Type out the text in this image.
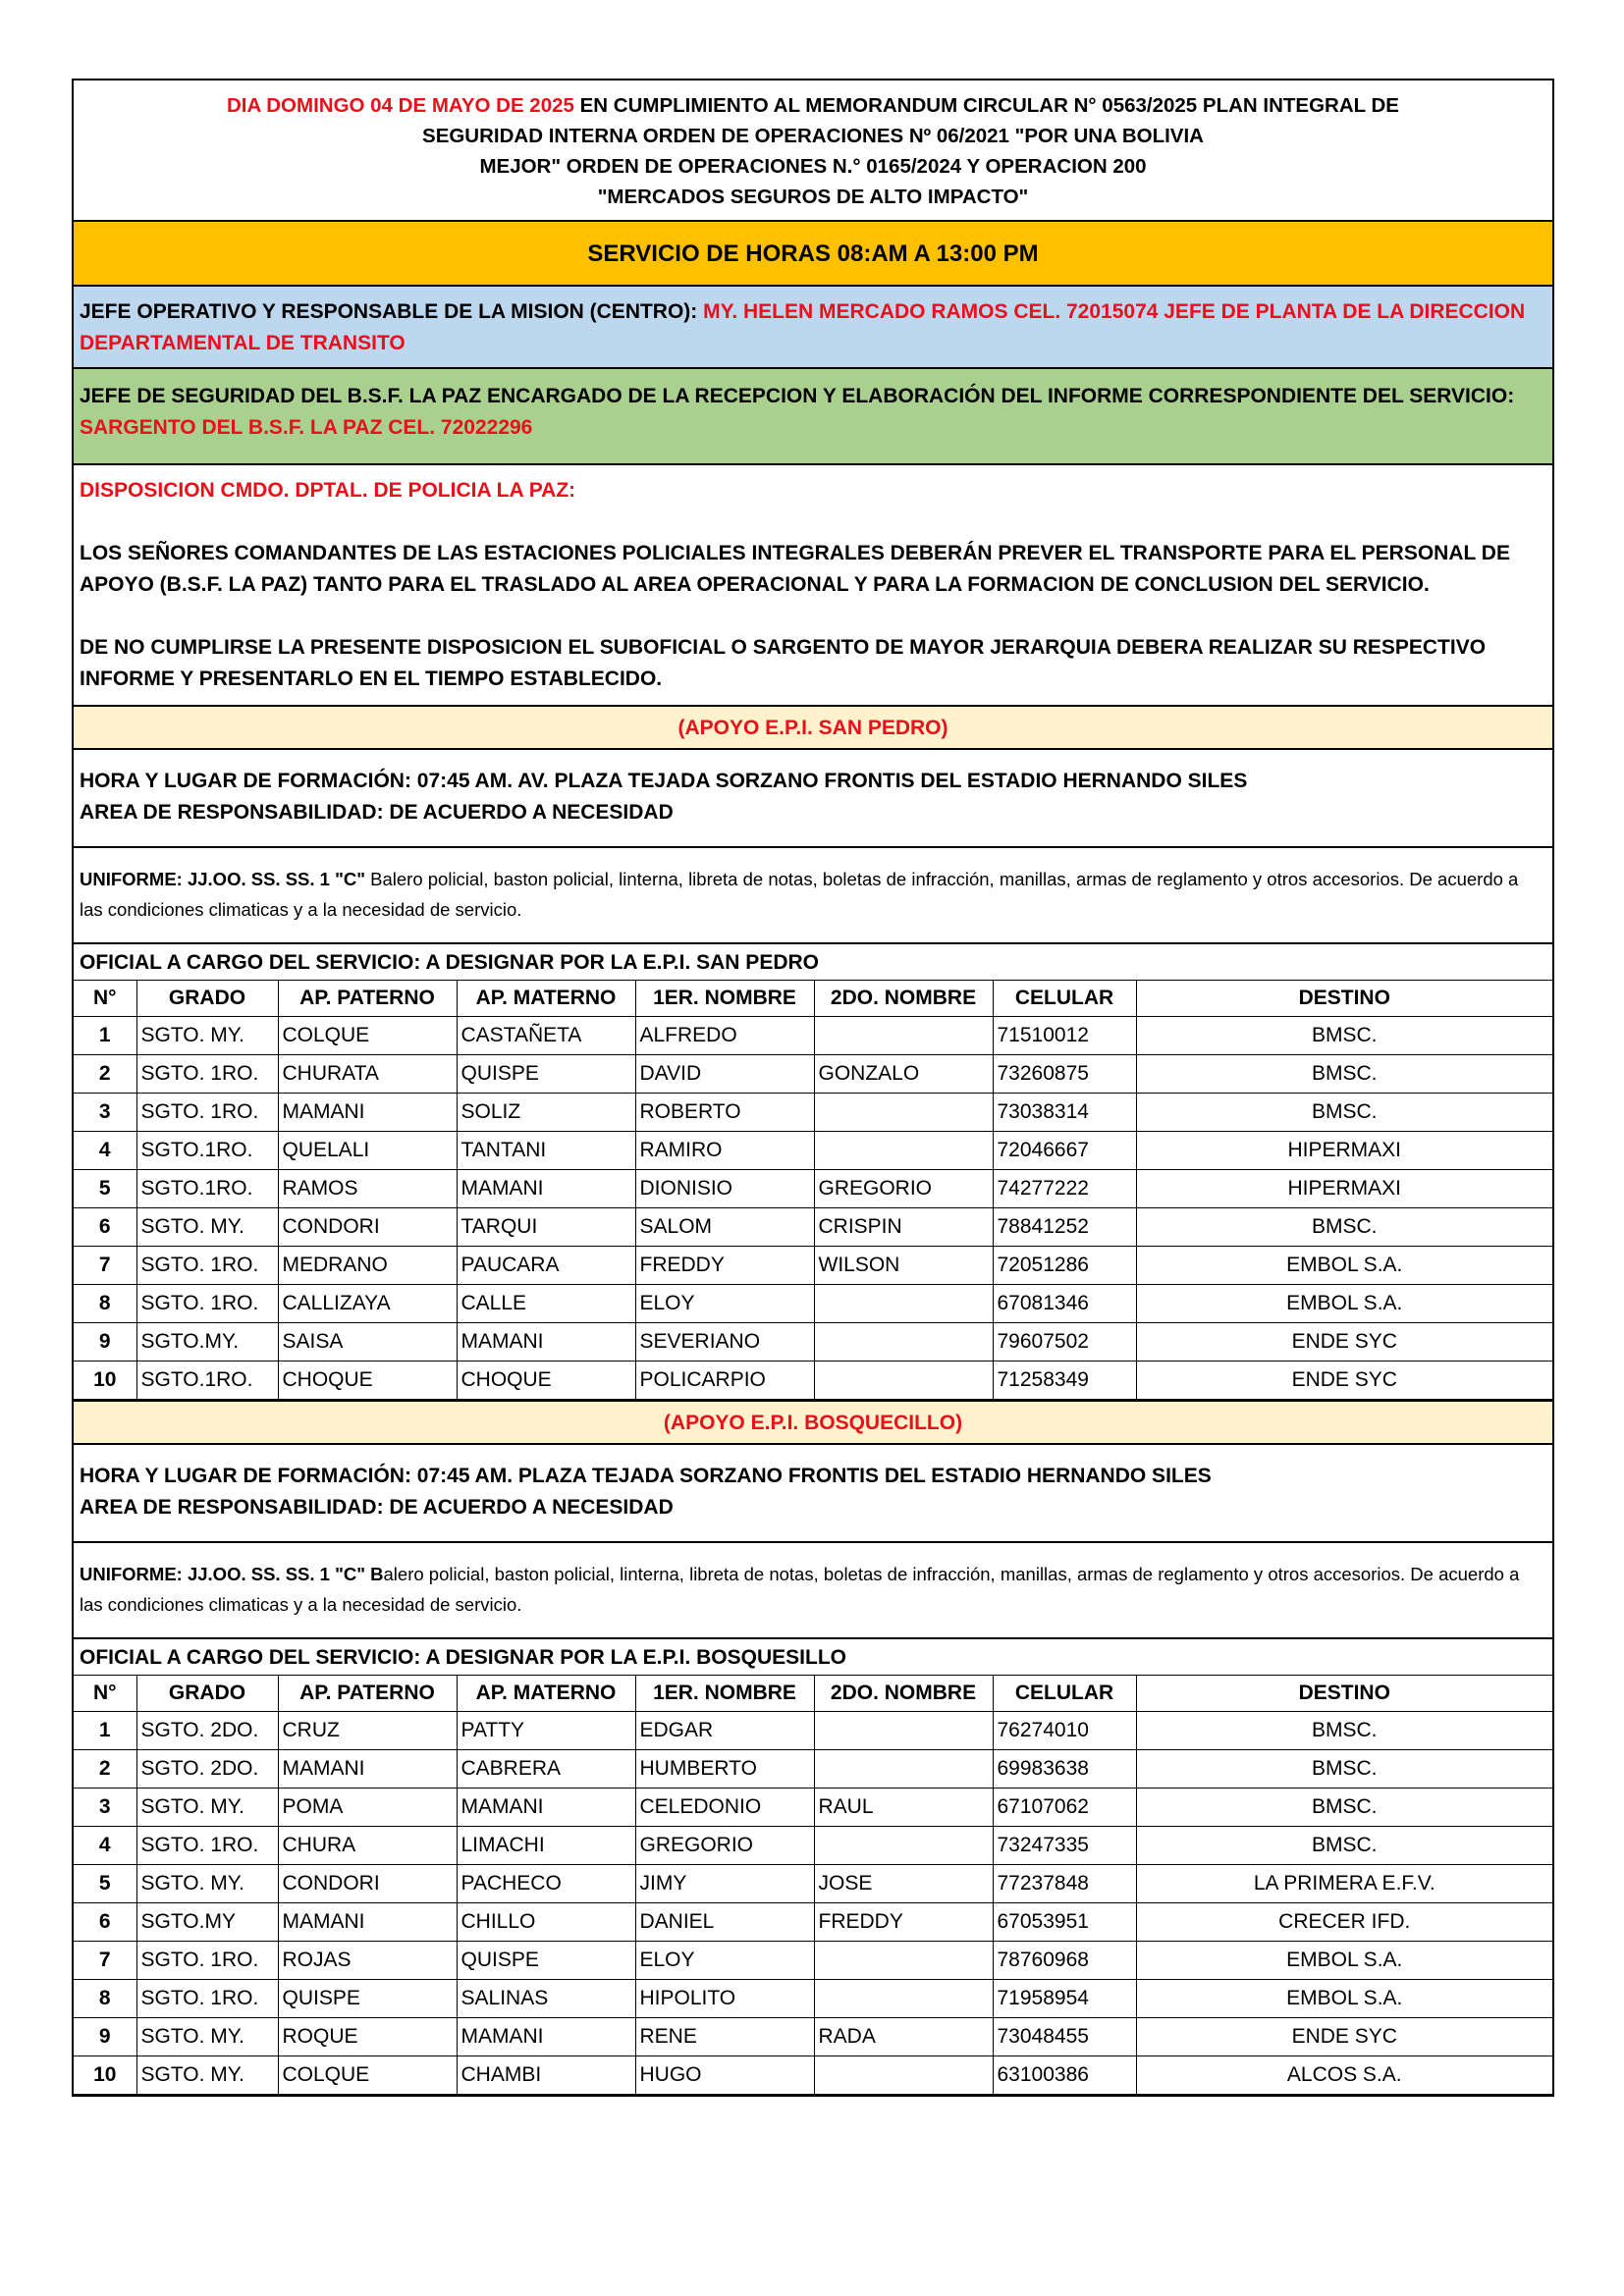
DIA DOMINGO 04 DE MAYO DE 2025 EN CUMPLIMIENTO AL MEMORANDUM CIRCULAR N° 0563/2025 PLAN INTEGRAL DE
SEGURIDAD INTERNA ORDEN DE OPERACIONES Nº 06/2021 "POR UNA BOLIVIA
MEJOR" ORDEN DE OPERACIONES N.° 0165/2024 Y OPERACION 200
"MERCADOS SEGUROS DE ALTO IMPACTO"
SERVICIO DE HORAS 08:AM A 13:00 PM
JEFE OPERATIVO Y RESPONSABLE DE LA MISION (CENTRO): MY. HELEN MERCADO RAMOS CEL. 72015074 JEFE DE PLANTA DE LA DIRECCION DEPARTAMENTAL DE TRANSITO
JEFE DE SEGURIDAD DEL B.S.F. LA PAZ ENCARGADO DE LA RECEPCION Y ELABORACIÓN DEL INFORME CORRESPONDIENTE DEL SERVICIO: SARGENTO DEL B.S.F. LA PAZ CEL. 72022296

DISPOSICION CMDO. DPTAL. DE POLICIA LA PAZ:

LOS SEÑORES COMANDANTES DE LAS ESTACIONES POLICIALES INTEGRALES DEBERÁN PREVER EL TRANSPORTE PARA EL PERSONAL DE APOYO (B.S.F. LA PAZ) TANTO PARA EL TRASLADO AL AREA OPERACIONAL Y PARA LA FORMACION DE CONCLUSION DEL SERVICIO.

DE NO CUMPLIRSE LA PRESENTE DISPOSICION EL SUBOFICIAL O SARGENTO DE MAYOR JERARQUIA DEBERA REALIZAR SU RESPECTIVO INFORME Y PRESENTARLO EN EL TIEMPO ESTABLECIDO.

(APOYO E.P.I. SAN PEDRO)
HORA Y LUGAR DE FORMACIÓN: 07:45 AM. AV. PLAZA TEJADA SORZANO FRONTIS DEL ESTADIO HERNANDO SILES
AREA DE RESPONSABILIDAD: DE ACUERDO A NECESIDAD
UNIFORME: JJ.OO. SS. SS. 1 "C" Balero policial, baston policial, linterna, libreta de notas, boletas de infracción, manillas, armas de reglamento y otros accesorios. De acuerdo a las condiciones climaticas y a la necesidad de servicio.
OFICIAL A CARGO DEL SERVICIO: A DESIGNAR POR LA E.P.I. SAN PEDRO
N°	GRADO	AP. PATERNO	AP. MATERNO	1ER. NOMBRE	2DO. NOMBRE	CELULAR	DESTINO
1	SGTO. MY.	COLQUE	CASTAÑETA	ALFREDO		71510012	BMSC.
2	SGTO. 1RO.	CHURATA	QUISPE	DAVID	GONZALO	73260875	BMSC.
3	SGTO. 1RO.	MAMANI	SOLIZ	ROBERTO		73038314	BMSC.
4	SGTO.1RO.	QUELALI	TANTANI	RAMIRO		72046667	HIPERMAXI
5	SGTO.1RO.	RAMOS	MAMANI	DIONISIO	GREGORIO	74277222	HIPERMAXI
6	SGTO. MY.	CONDORI	TARQUI	SALOM	CRISPIN	78841252	BMSC.
7	SGTO. 1RO.	MEDRANO	PAUCARA	FREDDY	WILSON	72051286	EMBOL S.A.
8	SGTO. 1RO.	CALLIZAYA	CALLE	ELOY		67081346	EMBOL S.A.
9	SGTO.MY.	SAISA	MAMANI	SEVERIANO		79607502	ENDE SYC
10	SGTO.1RO.	CHOQUE	CHOQUE	POLICARPIO		71258349	ENDE SYC
(APOYO E.P.I. BOSQUECILLO)
HORA Y LUGAR DE FORMACIÓN: 07:45 AM. PLAZA TEJADA SORZANO FRONTIS DEL ESTADIO HERNANDO SILES
AREA DE RESPONSABILIDAD: DE ACUERDO A NECESIDAD
UNIFORME: JJ.OO. SS. SS. 1 "C" Balero policial, baston policial, linterna, libreta de notas, boletas de infracción, manillas, armas de reglamento y otros accesorios. De acuerdo a las condiciones climaticas y a la necesidad de servicio.
OFICIAL A CARGO DEL SERVICIO: A DESIGNAR POR LA E.P.I. BOSQUESILLO
N°	GRADO	AP. PATERNO	AP. MATERNO	1ER. NOMBRE	2DO. NOMBRE	CELULAR	DESTINO
1	SGTO. 2DO.	CRUZ	PATTY	EDGAR		76274010	BMSC.
2	SGTO. 2DO.	MAMANI	CABRERA	HUMBERTO		69983638	BMSC.
3	SGTO. MY.	POMA	MAMANI	CELEDONIO	RAUL	67107062	BMSC.
4	SGTO. 1RO.	CHURA	LIMACHI	GREGORIO		73247335	BMSC.
5	SGTO. MY.	CONDORI	PACHECO	JIMY	JOSE	77237848	LA PRIMERA E.F.V.
6	SGTO.MY	MAMANI	CHILLO	DANIEL	FREDDY	67053951	CRECER IFD.
7	SGTO. 1RO.	ROJAS	QUISPE	ELOY		78760968	EMBOL S.A.
8	SGTO. 1RO.	QUISPE	SALINAS	HIPOLITO		71958954	EMBOL S.A.
9	SGTO. MY.	ROQUE	MAMANI	RENE	RADA	73048455	ENDE SYC
10	SGTO. MY.	COLQUE	CHAMBI	HUGO		63100386	ALCOS S.A.
